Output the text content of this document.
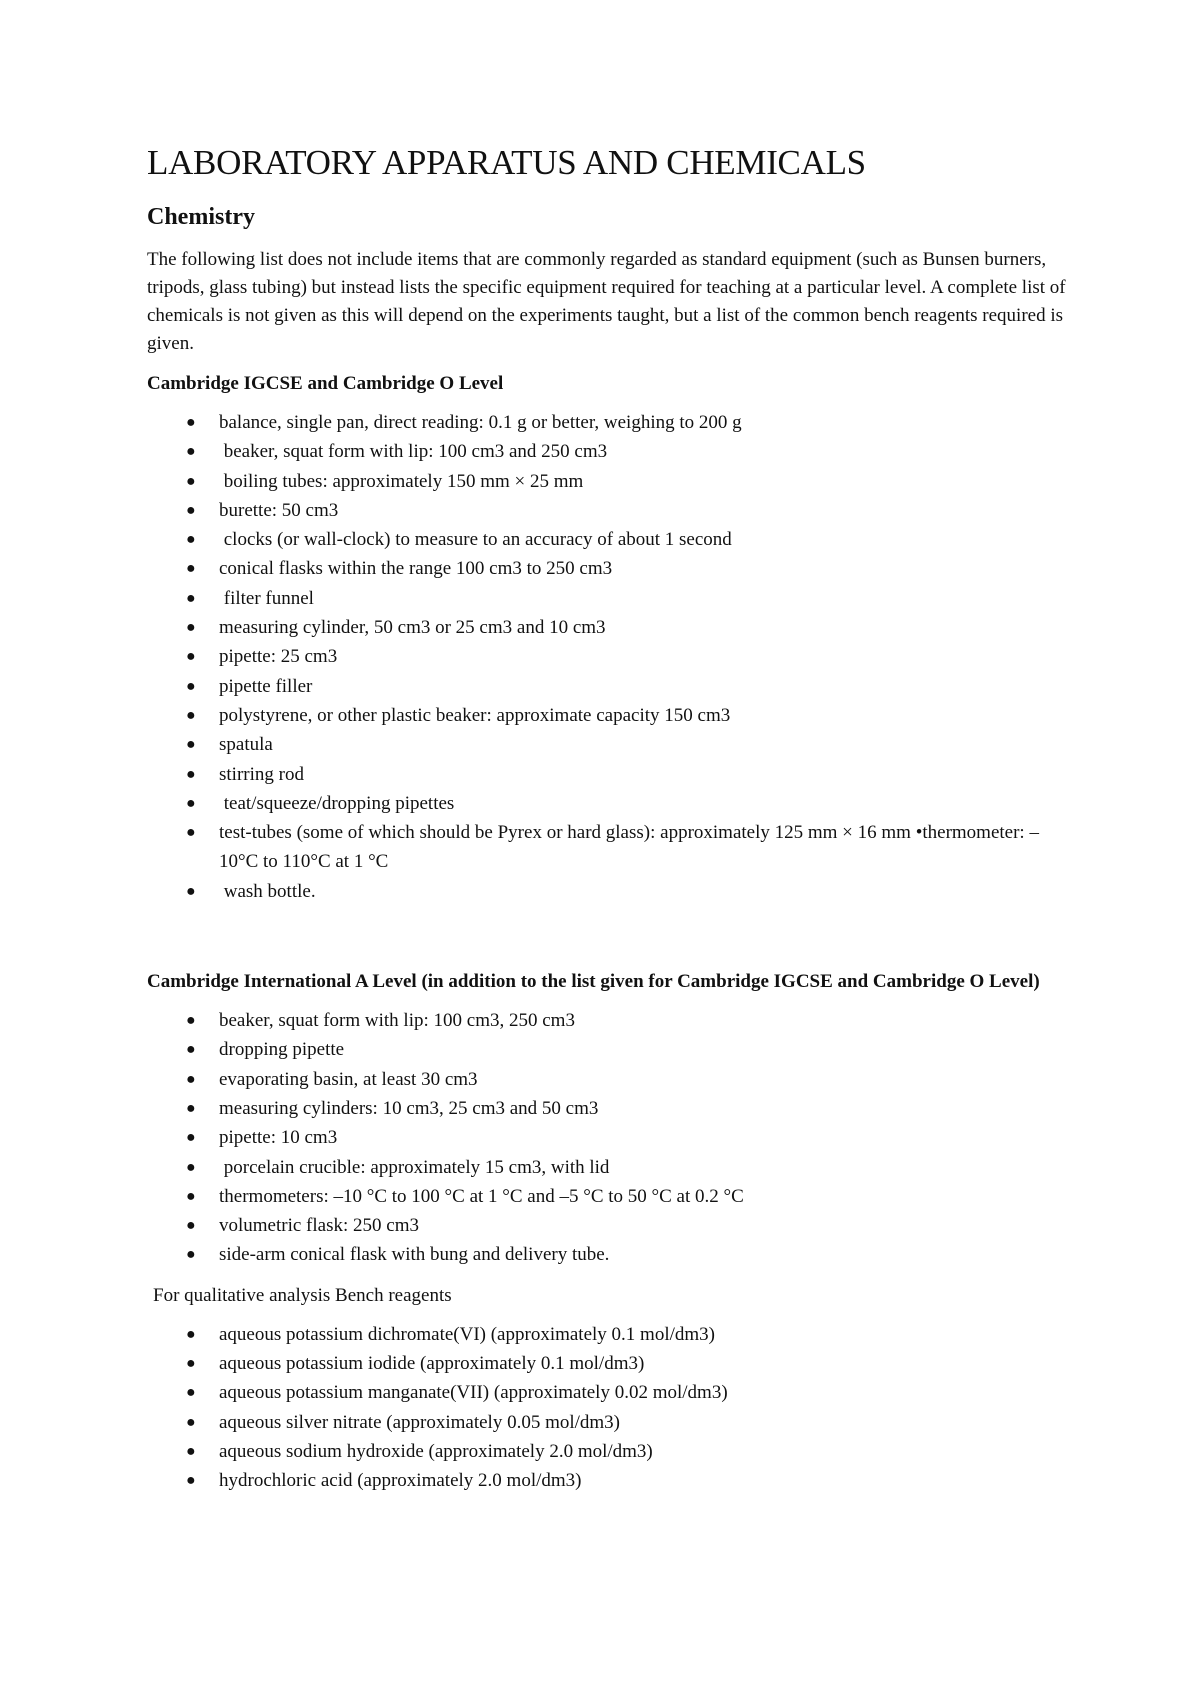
LABORATORY APPARATUS AND CHEMICALS
Chemistry

The following list does not include items that are commonly regarded as standard equipment (such as Bunsen burners, tripods, glass tubing) but instead lists the specific equipment required for teaching at a particular level. A complete list of chemicals is not given as this will depend on the experiments taught, but a list of the common bench reagents required is given.

Cambridge IGCSE and Cambridge O Level
● balance, single pan, direct reading: 0.1 g or better, weighing to 200 g
● beaker, squat form with lip: 100 cm3 and 250 cm3
● boiling tubes: approximately 150 mm × 25 mm
● burette: 50 cm3
● clocks (or wall-clock) to measure to an accuracy of about 1 second
● conical flasks within the range 100 cm3 to 250 cm3
● filter funnel
● measuring cylinder, 50 cm3 or 25 cm3 and 10 cm3
● pipette: 25 cm3
● pipette filler
● polystyrene, or other plastic beaker: approximate capacity 150 cm3
● spatula
● stirring rod
● teat/squeeze/dropping pipettes
● test-tubes (some of which should be Pyrex or hard glass): approximately 125 mm × 16 mm •thermometer: –10°C to 110°C at 1 °C
● wash bottle.
Cambridge International A Level (in addition to the list given for Cambridge IGCSE and Cambridge O Level)
● beaker, squat form with lip: 100 cm3, 250 cm3
● dropping pipette
● evaporating basin, at least 30 cm3
● measuring cylinders: 10 cm3, 25 cm3 and 50 cm3
● pipette: 10 cm3
● porcelain crucible: approximately 15 cm3, with lid
● thermometers: –10 °C to 100 °C at 1 °C and –5 °C to 50 °C at 0.2 °C
● volumetric flask: 250 cm3
● side-arm conical flask with bung and delivery tube.

For qualitative analysis Bench reagents

● aqueous potassium dichromate(VI) (approximately 0.1 mol/dm3)
● aqueous potassium iodide (approximately 0.1 mol/dm3)
● aqueous potassium manganate(VII) (approximately 0.02 mol/dm3)
● aqueous silver nitrate (approximately 0.05 mol/dm3)
● aqueous sodium hydroxide (approximately 2.0 mol/dm3)
● hydrochloric acid (approximately 2.0 mol/dm3)
